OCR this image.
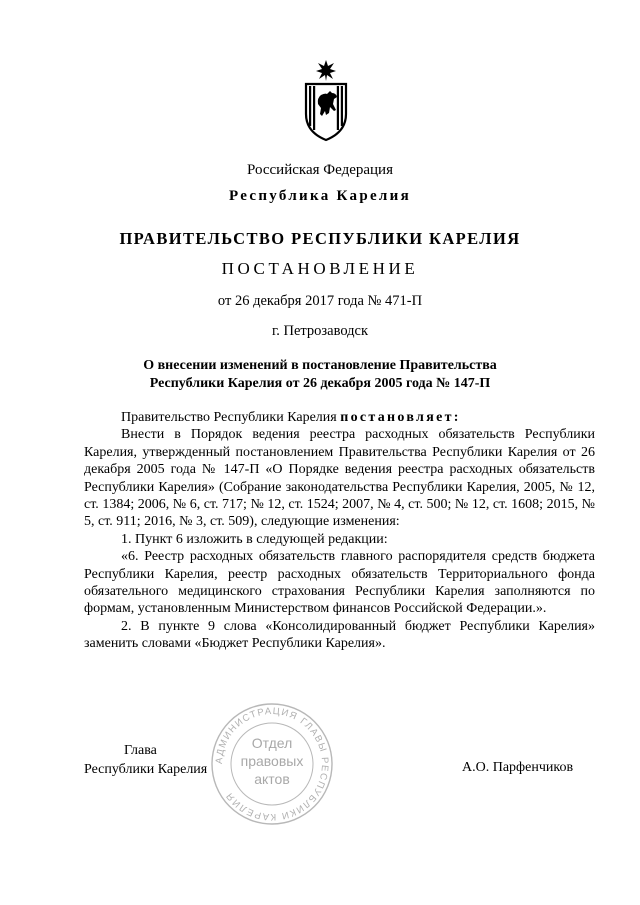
Российская Федерация
Республика Карелия
ПРАВИТЕЛЬСТВО РЕСПУБЛИКИ КАРЕЛИЯ
ПОСТАНОВЛЕНИЕ
от 26 декабря 2017 года № 471-П
г. Петрозаводск
О внесении изменений в постановление Правительства
Республики Карелия от 26 декабря 2005 года № 147-П

Правительство Республики Карелия постановляет:

Внести в Порядок ведения реестра расходных обязательств Республики Карелия, утвержденный постановлением Правительства Республики Карелия от 26 декабря 2005 года № 147-П «О Порядке ведения реестра расходных обязательств Республики Карелия» (Собрание законодательства Республики Карелия, 2005, № 12, ст. 1384; 2006, № 6, ст. 717; № 12, ст. 1524; 2007, № 4, ст. 500; № 12, ст. 1608; 2015, № 5, ст. 911; 2016, № 3, ст. 509), следующие изменения:

1. Пункт 6 изложить в следующей редакции:

«6. Реестр расходных обязательств главного распорядителя средств бюджета Республики Карелия, реестр расходных обязательств Территориального фонда обязательного медицинского страхования Республики Карелия заполняются по формам, установленным Министерством финансов Российской Федерации.».

2. В пункте 9 слова «Консолидированный бюджет Республики Карелия» заменить словами «Бюджет Республики Карелия».

АДМИНИСТРАЦИЯ ГЛАВЫ РЕСПУБЛИКИ КАРЕЛИЯ
Отдел
правовых
актов
Глава
Республики Карелия	А.О. Парфенчиков
